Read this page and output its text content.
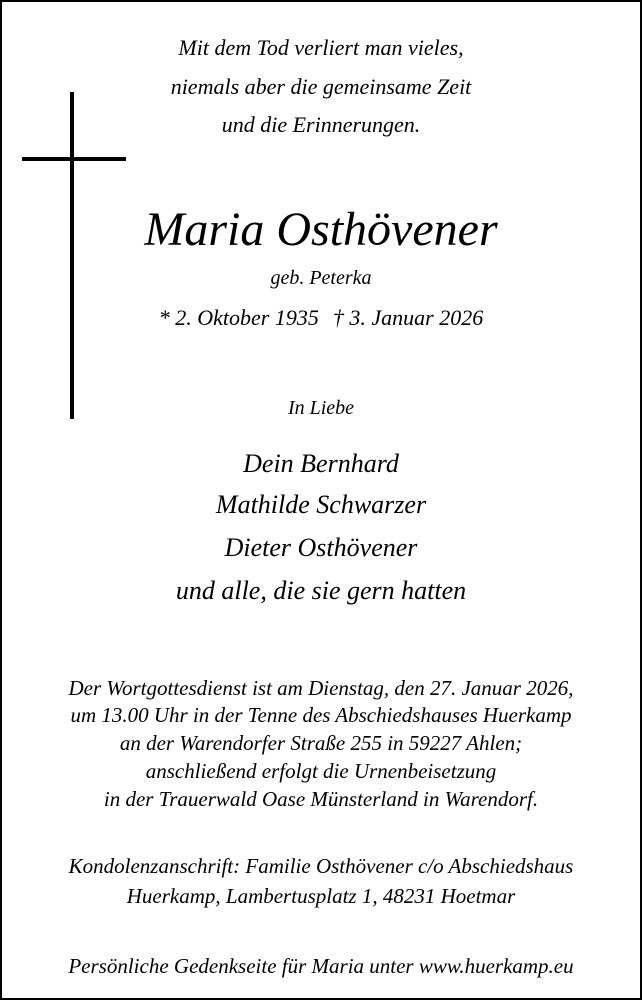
Mit dem Tod verliert man vieles,
niemals aber die gemeinsame Zeit
und die Erinnerungen.
Maria Osthövener
geb. Peterka
* 2. Oktober 1935 † 3. Januar 2026
In Liebe
Dein Bernhard
Mathilde Schwarzer
Dieter Osthövener
und alle, die sie gern hatten
Der Wortgottesdienst ist am Dienstag, den 27. Januar 2026,
um 13.00 Uhr in der Tenne des Abschiedshauses Huerkamp
an der Warendorfer Straße 255 in 59227 Ahlen;
anschließend erfolgt die Urnenbeisetzung
in der Trauerwald Oase Münsterland in Warendorf.
Kondolenzanschrift: Familie Osthövener c/o Abschiedshaus
Huerkamp, Lambertusplatz 1, 48231 Hoetmar
Persönliche Gedenkseite für Maria unter www.huerkamp.eu
